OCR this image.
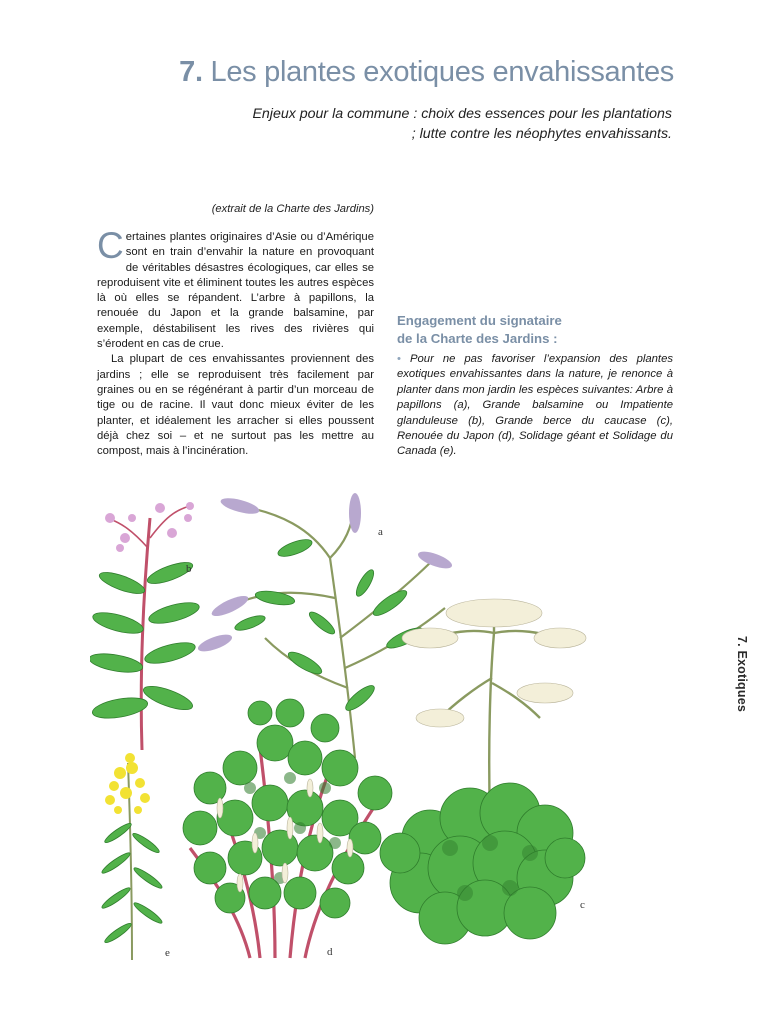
7. Les plantes exotiques envahissantes

Enjeux pour la commune : choix des essences pour les plantations ; lutte contre les néophytes envahissants.

(extrait de la Charte des Jardins)

Certaines plantes originaires d’Asie ou d’Amérique sont en train d’envahir la nature en provoquant de véritables désastres écologiques, car elles se reproduisent vite et éliminent toutes les autres espèces là où elles se répandent. L’arbre à papillons, la renouée du Japon et la grande balsamine, par exemple, déstabilisent les rives des rivières qui s’érodent en cas de crue.

La plupart de ces envahissantes proviennent des jardins ; elle se reproduisent très facilement par graines ou en se régénérant à partir d’un morceau de tige ou de racine. Il vaut donc mieux éviter de les planter, et idéalement les arracher si elles poussent déjà chez soi – et ne surtout pas les mettre au compost, mais à l’incinération.

Engagement du signataire
de la Charte des Jardins :

• Pour ne pas favoriser l’expansion des plantes exotiques envahissantes dans la nature, je renonce à planter dans mon jardin les espèces suivantes: Arbre à papillons (a), Grande balsamine ou Impatiente glanduleuse (b), Grande berce du caucase (c), Renouée du Japon (d), Solidage géant et Solidage du Canada (e).

7. Exotiques
a
b
d
e
c
